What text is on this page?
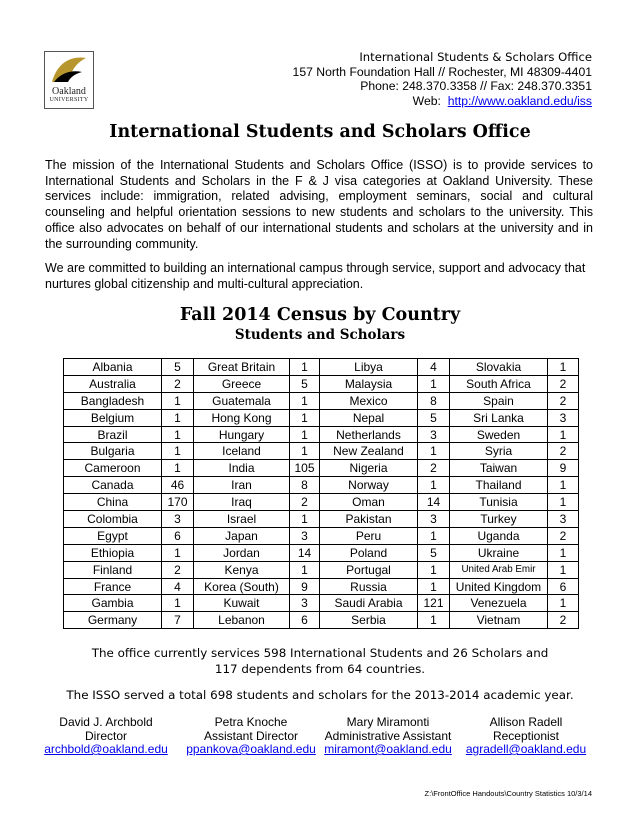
Oakland
UNIVERSITY
International Students & Scholars Office
157 North Foundation Hall // Rochester, MI 48309-4401
Phone: 248.370.3358 // Fax: 248.370.3351
Web: http://www.oakland.edu/iss
International Students and Scholars Office
The mission of the International Students and Scholars Office (ISSO) is to provide services to International Students and Scholars in the F & J visa categories at Oakland University. These services include: immigration, related advising, employment seminars, social and cultural counseling and helpful orientation sessions to new students and scholars to the university. This office also advocates on behalf of our international students and scholars at the university and in the surrounding community.
We are committed to building an international campus through service, support and advocacy that nurtures global citizenship and multi-cultural appreciation.
Fall 2014 Census by Country
Students and Scholars
Albania	5	Great Britain	1	Libya	4	Slovakia	1
Australia	2	Greece	5	Malaysia	1	South Africa	2
Bangladesh	1	Guatemala	1	Mexico	8	Spain	2
Belgium	1	Hong Kong	1	Nepal	5	Sri Lanka	3
Brazil	1	Hungary	1	Netherlands	3	Sweden	1
Bulgaria	1	Iceland	1	New Zealand	1	Syria	2
Cameroon	1	India	105	Nigeria	2	Taiwan	9
Canada	46	Iran	8	Norway	1	Thailand	1
China	170	Iraq	2	Oman	14	Tunisia	1
Colombia	3	Israel	1	Pakistan	3	Turkey	3
Egypt	6	Japan	3	Peru	1	Uganda	2
Ethiopia	1	Jordan	14	Poland	5	Ukraine	1
Finland	2	Kenya	1	Portugal	1	United Arab Emir	1
France	4	Korea (South)	9	Russia	1	United Kingdom	6
Gambia	1	Kuwait	3	Saudi Arabia	121	Venezuela	1
Germany	7	Lebanon	6	Serbia	1	Vietnam	2
The office currently services 598 International Students and 26 Scholars and
117 dependents from 64 countries.
The ISSO served a total 698 students and scholars for the 2013-2014 academic year.
David J. Archbold
Director
archbold@oakland.edu
Petra Knoche
Assistant Director
ppankova@oakland.edu
Mary Miramonti
Administrative Assistant
miramont@oakland.edu
Allison Radell
Receptionist
agradell@oakland.edu
Z:\FrontOffice Handouts\Country Statistics 10/3/14
